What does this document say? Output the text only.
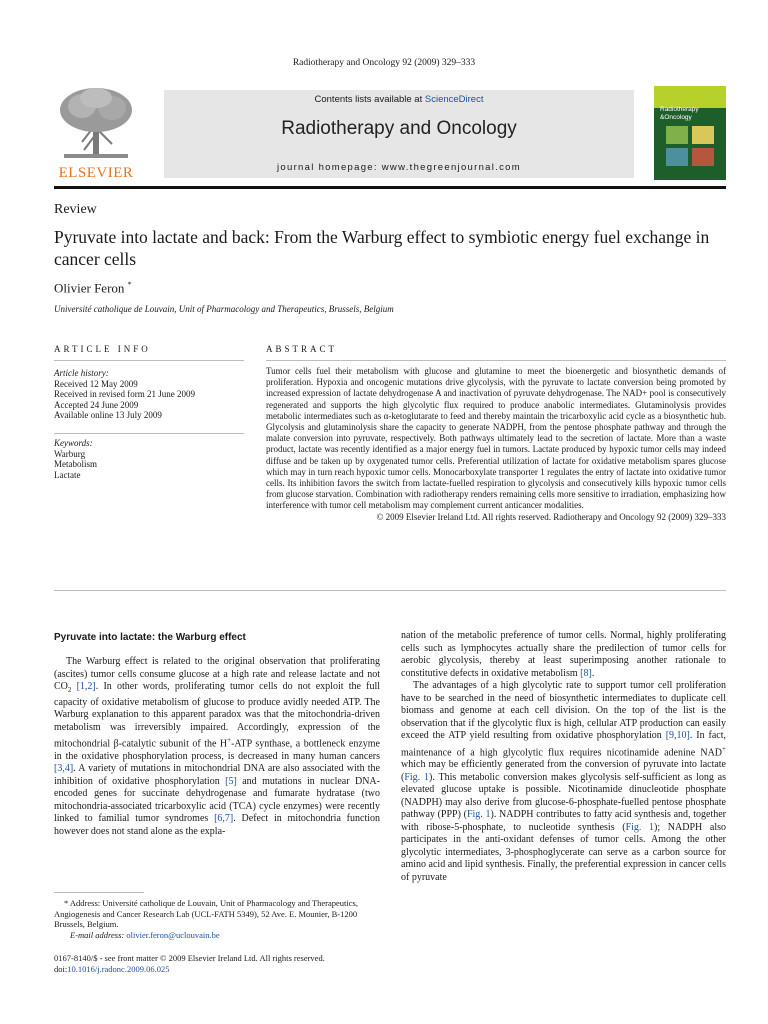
Radiotherapy and Oncology 92 (2009) 329–333
ELSEVIER
Contents lists available at ScienceDirect
Radiotherapy and Oncology
journal homepage: www.thegreenjournal.com
Radiotherapy
&Oncology
Review
Pyruvate into lactate and back: From the Warburg effect to symbiotic energy fuel exchange in cancer cells
Olivier Feron *
Université catholique de Louvain, Unit of Pharmacology and Therapeutics, Brussels, Belgium
ARTICLE INFO	ABSTRACT
Article history:
Received 12 May 2009
Received in revised form 21 June 2009
Accepted 24 June 2009
Available online 13 July 2009
Keywords:
Warburg
Metabolism
Lactate
Tumor cells fuel their metabolism with glucose and glutamine to meet the bioenergetic and biosynthetic demands of proliferation. Hypoxia and oncogenic mutations drive glycolysis, with the pyruvate to lactate conversion being promoted by increased expression of lactate dehydrogenase A and inactivation of pyruvate dehydrogenase. The NAD+ pool is consecutively regenerated and supports the high glycolytic flux required to produce anabolic intermediates. Glutaminolysis provides metabolic intermediates such as α-ketoglutarate to feed and thereby maintain the tricarboxylic acid cycle as a biosynthetic hub. Glycolysis and glutaminolysis share the capacity to generate NADPH, from the pentose phosphate pathway and through the malate conversion into pyruvate, respectively. Both pathways ultimately lead to the secretion of lactate. More than a waste product, lactate was recently identified as a major energy fuel in tumors. Lactate produced by hypoxic tumor cells may indeed diffuse and be taken up by oxygenated tumor cells. Preferential utilization of lactate for oxidative metabolism spares glucose which may in turn reach hypoxic tumor cells. Monocarboxylate transporter 1 regulates the entry of lactate into oxidative tumor cells. Its inhibition favors the switch from lactate-fuelled respiration to glycolysis and consecutively kills hypoxic tumor cells from glucose starvation. Combination with radiotherapy renders remaining cells more sensitive to irradiation, emphasizing how interference with tumor cell metabolism may complement current anticancer modalities.
© 2009 Elsevier Ireland Ltd. All rights reserved. Radiotherapy and Oncology 92 (2009) 329–333
Pyruvate into lactate: the Warburg effect

The Warburg effect is related to the original observation that proliferating (ascites) tumor cells consume glucose at a high rate and release lactate and not $CO_2$ [1,2]. In other words, proliferating tumor cells do not exploit the full capacity of oxidative metabolism of glucose to produce avidly needed ATP. The Warburg explanation to this apparent paradox was that the mitochondria-driven metabolism was irreversibly impaired. Accordingly, expression of the mitochondrial β-catalytic subunit of the H+-ATP synthase, a bottleneck enzyme in the oxidative phosphorylation process, is decreased in many human cancers [3,4]. A variety of mutations in mitochondrial DNA are also associated with the inhibition of oxidative phosphorylation [5] and mutations in nuclear DNA-encoded genes for succinate dehydrogenase and fumarate hydratase (two mitochondria-associated tricarboxylic acid (TCA) cycle enzymes) were recently linked to familial tumor syndromes [6,7]. Defect in mitochondria function however does not stand alone as the expla-

nation of the metabolic preference of tumor cells. Normal, highly proliferating cells such as lymphocytes actually share the predilection of tumor cells for aerobic glycolysis, thereby at least superimposing another rationale to constitutive defects in oxidative metabolism [8].

The advantages of a high glycolytic rate to support tumor cell proliferation have to be searched in the need of biosynthetic intermediates to duplicate cell biomass and genome at each cell division. On the top of the list is the observation that if the glycolytic flux is high, cellular ATP production can easily exceed the ATP yield resulting from oxidative phosphorylation [9,10]. In fact, maintenance of a high glycolytic flux requires nicotinamide adenine NAD+ which may be efficiently generated from the conversion of pyruvate into lactate (Fig. 1). This metabolic conversion makes glycolysis self-sufficient as long as elevated glucose uptake is possible. Nicotinamide dinucleotide phosphate (NADPH) may also derive from glucose-6-phosphate-fuelled pentose phosphate pathway (PPP) (Fig. 1). NADPH contributes to fatty acid synthesis and, together with ribose-5-phosphate, to nucleotide synthesis (Fig. 1); NADPH also participates in the anti-oxidant defenses of tumor cells. Among the other glycolytic intermediates, 3-phosphoglycerate can serve as a carbon source for amino acid and lipid synthesis. Finally, the preferential expression in cancer cells of pyruvate

* Address: Université catholique de Louvain, Unit of Pharmacology and Therapeutics, Angiogenesis and Cancer Research Lab (UCL-FATH 5349), 52 Ave. E. Mounier, B-1200 Brussels, Belgium.
E-mail address: olivier.feron@uclouvain.be
0167-8140/$ - see front matter © 2009 Elsevier Ireland Ltd. All rights reserved.
doi:10.1016/j.radonc.2009.06.025
